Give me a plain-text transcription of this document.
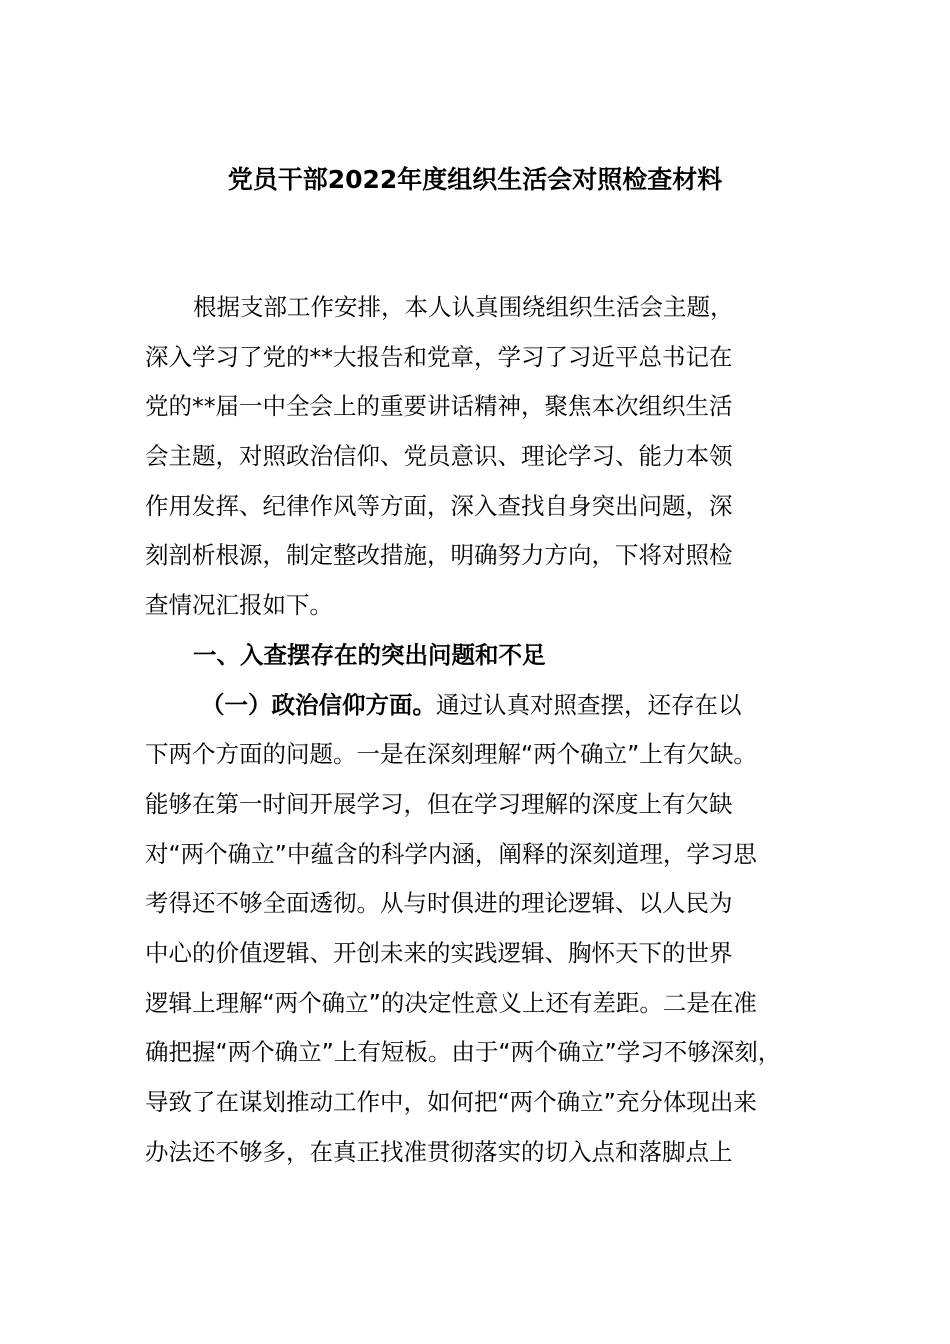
党员干部2022年度组织生活会对照检查材料
根据支部工作安排，本人认真围绕组织生活会主题，
深入学习了党的**大报告和党章，学习了习近平总书记在
党的**届一中全会上的重要讲话精神，聚焦本次组织生活
会主题，对照政治信仰、党员意识、理论学习、能力本领
作用发挥、纪律作风等方面，深入查找自身突出问题，深
刻剖析根源，制定整改措施，明确努力方向，下将对照检
查情况汇报如下。
一、入查摆存在的突出问题和不足
（一）政治信仰方面。通过认真对照查摆，还存在以
下两个方面的问题。一是在深刻理解“两个确立”上有欠缺。
能够在第一时间开展学习，但在学习理解的深度上有欠缺
对“两个确立”中蕴含的科学内涵，阐释的深刻道理，学习思
考得还不够全面透彻。从与时俱进的理论逻辑、以人民为
中心的价值逻辑、开创未来的实践逻辑、胸怀天下的世界
逻辑上理解“两个确立”的决定性意义上还有差距。二是在准
确把握“两个确立”上有短板。由于“两个确立”学习不够深刻，
导致了在谋划推动工作中，如何把“两个确立”充分体现出来
办法还不够多，在真正找准贯彻落实的切入点和落脚点上
